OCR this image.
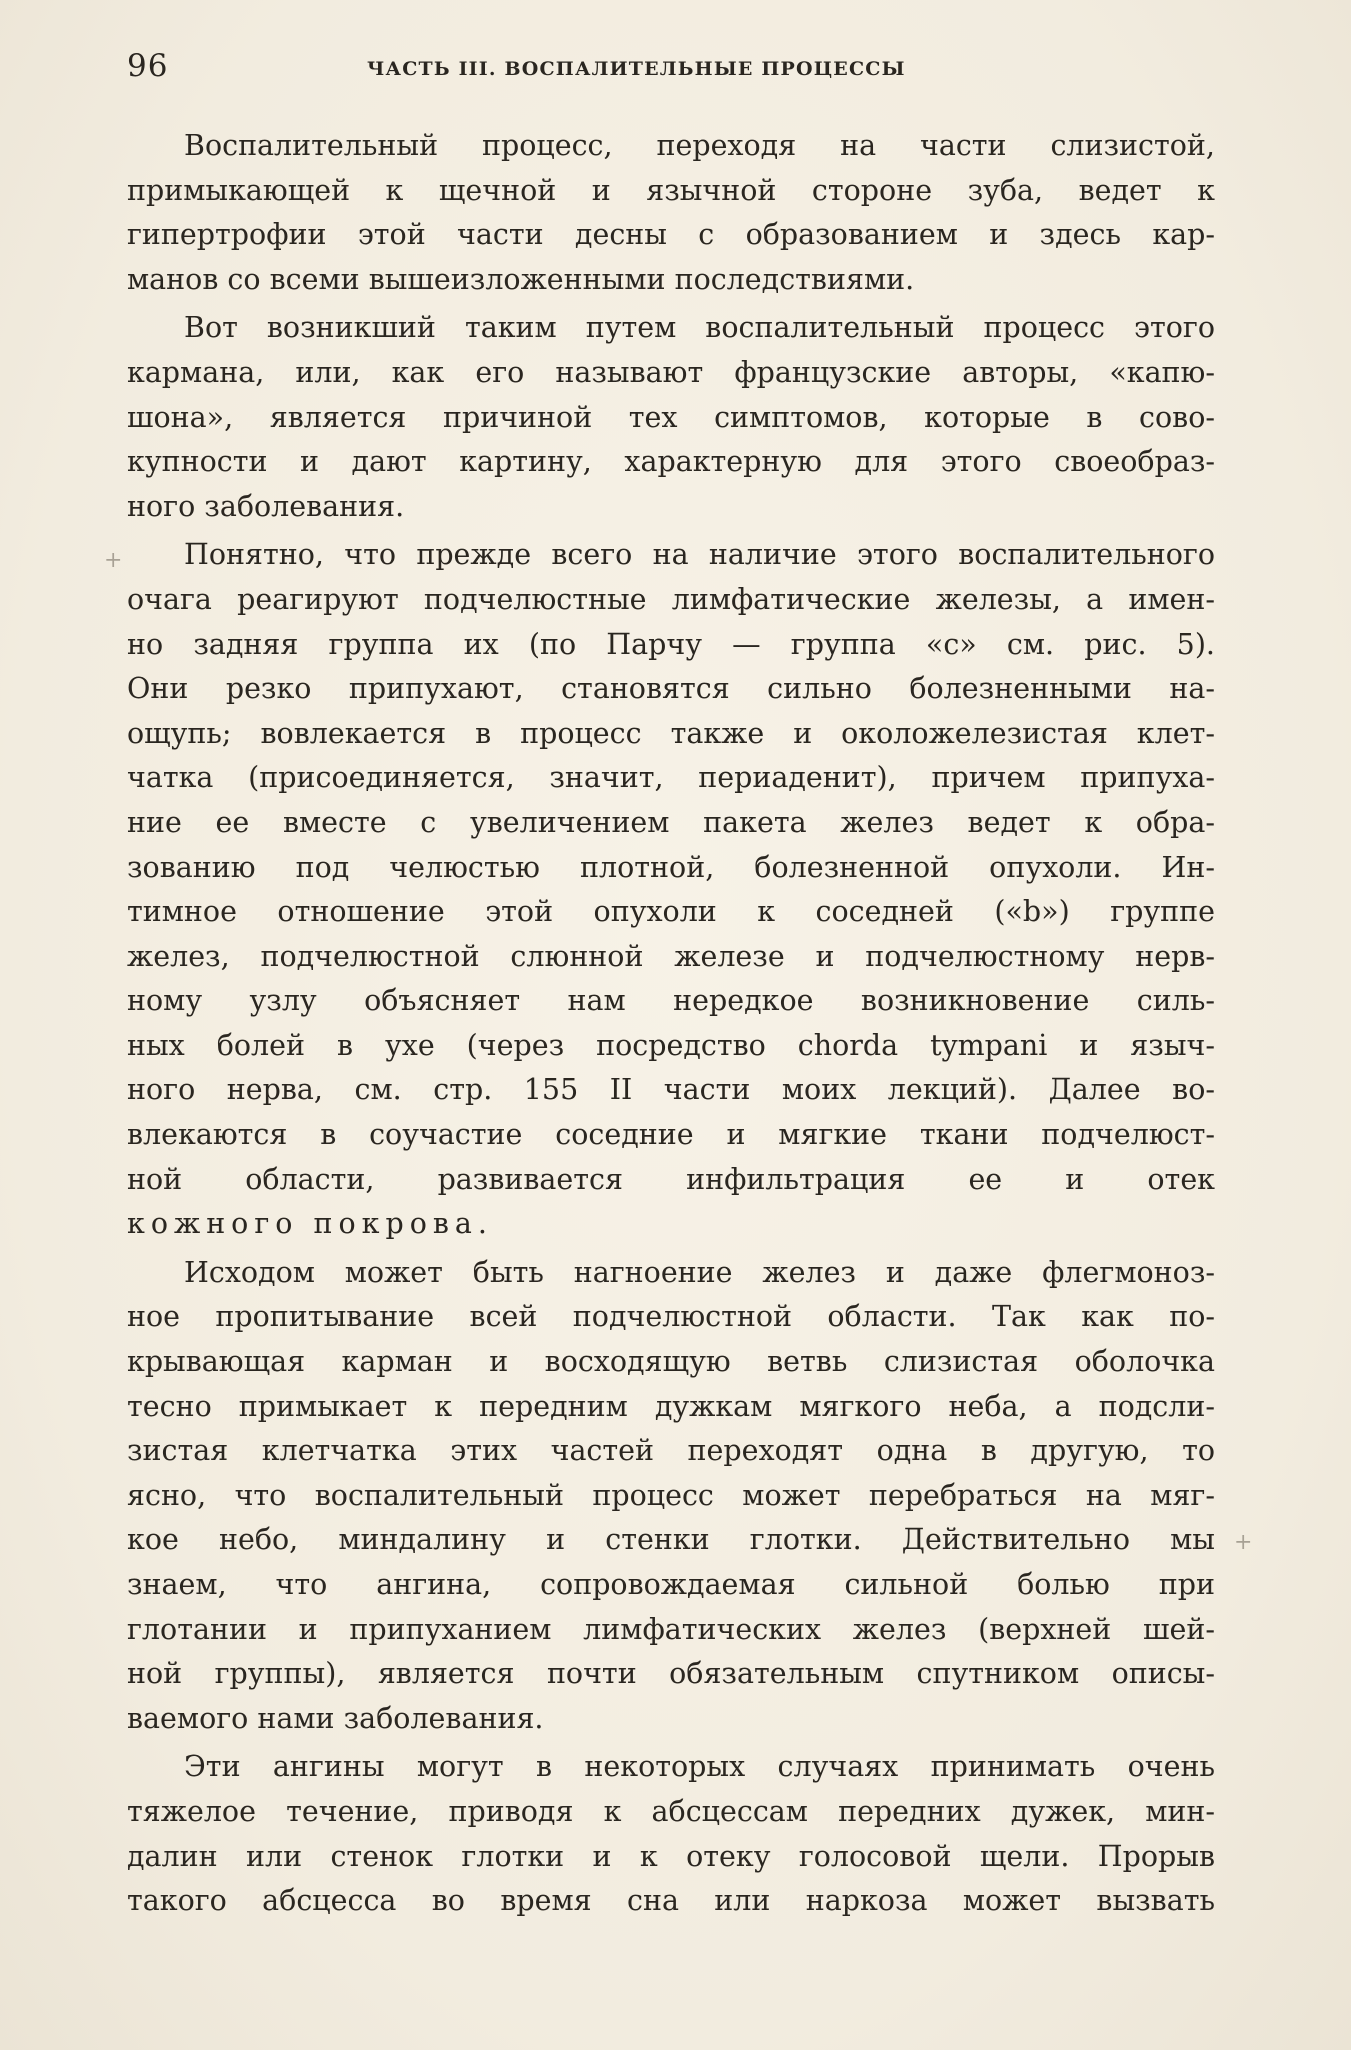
96	ЧАСТЬ III. ВОСПАЛИТЕЛЬНЫЕ ПРОЦЕССЫ
Воспалительный процесс, переходя на части слизистой,
примыкающей к щечной и язычной стороне зуба, ведет к
гипертрофии этой части десны с образованием и здесь кар-
манов со всеми вышеизложенными последствиями.
Вот возникший таким путем воспалительный процесс этого
кармана, или, как его называют французские авторы, «капю-
шона», является причиной тех симптомов, которые в сово-
купности и дают картину, характерную для этого своеобраз-
ного заболевания.
Понятно, что прежде всего на наличие этого воспалительного
очага реагируют подчелюстные лимфатические железы, а имен-
но задняя группа их (по Парчу — группа «с» см. рис. 5).
Они резко припухают, становятся сильно болезненными на-
ощупь; вовлекается в процесс также и околожелезистая клет-
чатка (присоединяется, значит, периаденит), причем припуха-
ние ее вместе с увеличением пакета желез ведет к обра-
зованию под челюстью плотной, болезненной опухоли. Ин-
тимное отношение этой опухоли к соседней («b») группе
желез, подчелюстной слюнной железе и подчелюстному нерв-
ному узлу объясняет нам нередкое возникновение силь-
ных болей в ухе (через посредство chorda tympani и языч-
ного нерва, см. стр. 155 II части моих лекций). Далее во-
влекаются в соучастие соседние и мягкие ткани подчелюст-
ной области, развивается инфильтрация ее и отек
кожного покрова.
Исходом может быть нагноение желез и даже флегмоноз-
ное пропитывание всей подчелюстной области. Так как по-
крывающая карман и восходящую ветвь слизистая оболочка
тесно примыкает к передним дужкам мягкого неба, а подсли-
зистая клетчатка этих частей переходят одна в другую, то
ясно, что воспалительный процесс может перебраться на мяг-
кое небо, миндалину и стенки глотки. Действительно мы
знаем, что ангина, сопровождаемая сильной болью при
глотании и припуханием лимфатических желез (верхней шей-
ной группы), является почти обязательным спутником описы-
ваемого нами заболевания.
Эти ангины могут в некоторых случаях принимать очень
тяжелое течение, приводя к абсцессам передних дужек, мин-
далин или стенок глотки и к отеку голосовой щели. Прорыв
такого абсцесса во время сна или наркоза может вызвать
+
+
